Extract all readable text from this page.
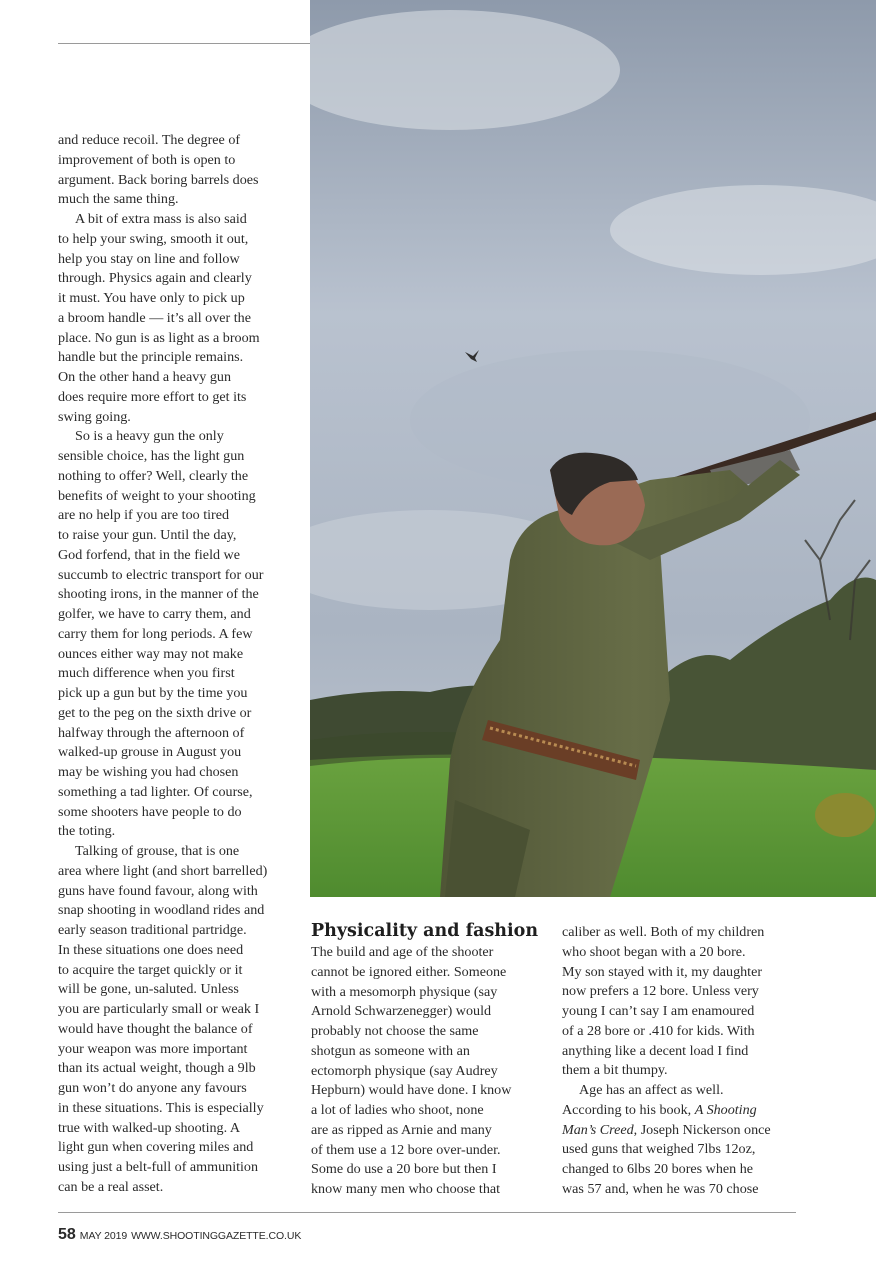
and reduce recoil. The degree of

improvement of both is open to

argument. Back boring barrels does

much the same thing.

A bit of extra mass is also said

to help your swing, smooth it out,

help you stay on line and follow

through. Physics again and clearly

it must. You have only to pick up

a broom handle — it’s all over the

place. No gun is as light as a broom

handle but the principle remains.

On the other hand a heavy gun

does require more effort to get its

swing going.

So is a heavy gun the only

sensible choice, has the light gun

nothing to offer? Well, clearly the

benefits of weight to your shooting

are no help if you are too tired

to raise your gun. Until the day,

God forfend, that in the field we

succumb to electric transport for our

shooting irons, in the manner of the

golfer, we have to carry them, and

carry them for long periods. A few

ounces either way may not make

much difference when you first

pick up a gun but by the time you

get to the peg on the sixth drive or

halfway through the afternoon of

walked-up grouse in August you

may be wishing you had chosen

something a tad lighter. Of course,

some shooters have people to do

the toting.

Talking of grouse, that is one

area where light (and short barrelled)

guns have found favour, along with

snap shooting in woodland rides and

early season traditional partridge.

In these situations one does need

to acquire the target quickly or it

will be gone, un-saluted. Unless

you are particularly small or weak I

would have thought the balance of

your weapon was more important

than its actual weight, though a 9lb

gun won’t do anyone any favours

in these situations. This is especially

true with walked-up shooting. A

light gun when covering miles and

using just a belt-full of ammunition

can be a real asset.

Physicality and fashion

The build and age of the shooter

cannot be ignored either. Someone

with a mesomorph physique (say

Arnold Schwarzenegger) would

probably not choose the same

shotgun as someone with an

ectomorph physique (say Audrey

Hepburn) would have done. I know

a lot of ladies who shoot, none

are as ripped as Arnie and many

of them use a 12 bore over-under.

Some do use a 20 bore but then I

know many men who choose that

caliber as well. Both of my children

who shoot began with a 20 bore.

My son stayed with it, my daughter

now prefers a 12 bore. Unless very

young I can’t say I am enamoured

of a 28 bore or .410 for kids. With

anything like a decent load I find

them a bit thumpy.

Age has an affect as well.

According to his book, A Shooting

Man’s Creed, Joseph Nickerson once

used guns that weighed 7lbs 12oz,

changed to 6lbs 20 bores when he

was 57 and, when he was 70 chose

58 MAY 2019 WWW.SHOOTINGGAZETTE.CO.UK
